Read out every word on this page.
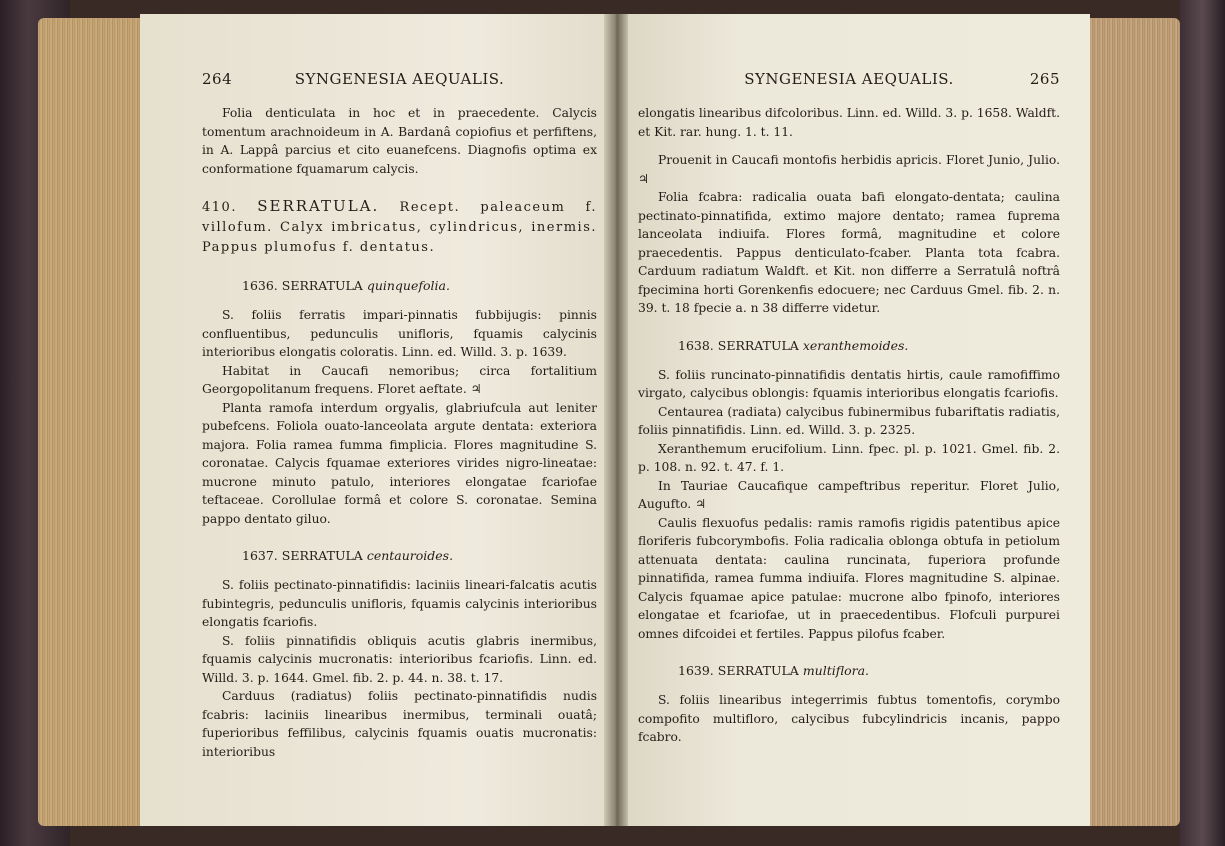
264	SYNGENESIA AEQUALIS.

Folia denticulata in hoc et in praecedente. Calycis tomentum arachnoideum in A. Bardanâ copiofius et perfiftens, in A. Lappâ parcius et cito euanefcens. Diagnofis optima ex conformatione fquamarum calycis.

410. SERRATULA. Recept. paleaceum f. villofum. Calyx imbricatus, cylindricus, inermis. Pappus plumofus f. dentatus.

1636. SERRATULA quinquefolia.

S. foliis ferratis impari-pinnatis fubbijugis: pinnis confluentibus, pedunculis unifloris, fquamis calycinis interioribus elongatis coloratis. Linn. ed. Willd. 3. p. 1639.

Habitat in Caucafi nemoribus; circa fortalitium Georgopolitanum frequens. Floret aeftate. ♃

Planta ramofa interdum orgyalis, glabriufcula aut leniter pubefcens. Foliola ouato-lanceolata argute dentata: exteriora majora. Folia ramea fumma fimplicia. Flores magnitudine S. coronatae. Calycis fquamae exteriores virides nigro-lineatae: mucrone minuto patulo, interiores elongatae fcariofae teftaceae. Corollulae formâ et colore S. coronatae. Semina pappo dentato giluo.

1637. SERRATULA centauroides.

S. foliis pectinato-pinnatifidis: laciniis lineari-falcatis acutis fubintegris, pedunculis unifloris, fquamis calycinis interioribus elongatis fcariofis.

S. foliis pinnatifidis obliquis acutis glabris inermibus, fquamis calycinis mucronatis: interioribus fcariofis. Linn. ed. Willd. 3. p. 1644. Gmel. fib. 2. p. 44. n. 38. t. 17.

Carduus (radiatus) foliis pectinato-pinnatifidis nudis fcabris: laciniis linearibus inermibus, terminali ouatâ; fuperioribus feffilibus, calycinis fquamis ouatis mucronatis: interioribus

SYNGENESIA AEQUALIS.	265

elongatis linearibus difcoloribus. Linn. ed. Willd. 3. p. 1658. Waldft. et Kit. rar. hung. 1. t. 11.

Prouenit in Caucafi montofis herbidis apricis. Floret Junio, Julio. ♃

Folia fcabra: radicalia ouata bafi elongato-dentata; caulina pectinato-pinnatifida, extimo majore dentato; ramea fuprema lanceolata indiuifa. Flores formâ, magnitudine et colore praecedentis. Pappus denticulato-fcaber. Planta tota fcabra. Carduum radiatum Waldft. et Kit. non differre a Serratulâ noftrâ fpecimina horti Gorenkenfis edocuere; nec Carduus Gmel. fib. 2. n. 39. t. 18 fpecie a. n 38 differre videtur.

1638. SERRATULA xeranthemoides.

S. foliis runcinato-pinnatifidis dentatis hirtis, caule ramofiffimo virgato, calycibus oblongis: fquamis interioribus elongatis fcariofis.

Centaurea (radiata) calycibus fubinermibus fubariftatis radiatis, foliis pinnatifidis. Linn. ed. Willd. 3. p. 2325.

Xeranthemum erucifolium. Linn. fpec. pl. p. 1021. Gmel. fib. 2. p. 108. n. 92. t. 47. f. 1.

In Tauriae Caucafique campeftribus reperitur. Floret Julio, Augufto. ♃

Caulis flexuofus pedalis: ramis ramofis rigidis patentibus apice floriferis fubcorymbofis. Folia radicalia oblonga obtufa in petiolum attenuata dentata: caulina runcinata, fuperiora profunde pinnatifida, ramea fumma indiuifa. Flores magnitudine S. alpinae. Calycis fquamae apice patulae: mucrone albo fpinofo, interiores elongatae et fcariofae, ut in praecedentibus. Flofculi purpurei omnes difcoidei et fertiles. Pappus pilofus fcaber.

1639. SERRATULA multiflora.

S. foliis linearibus integerrimis fubtus tomentofis, corymbo compofito multifloro, calycibus fubcylindricis incanis, pappo fcabro.
